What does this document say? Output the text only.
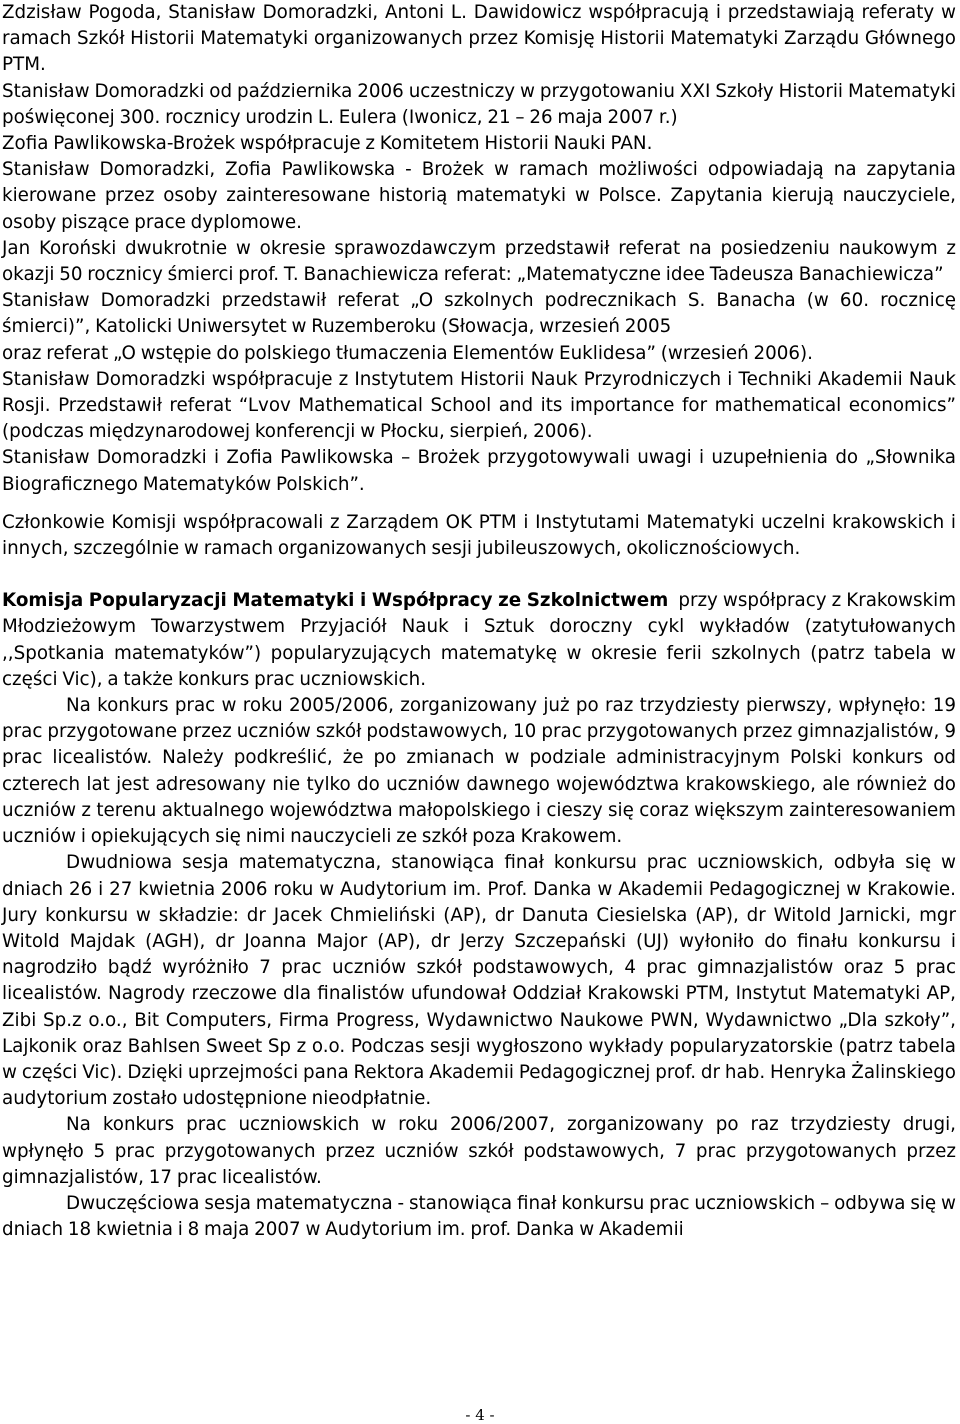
Zdzisław Pogoda, Stanisław Domoradzki, Antoni L. Dawidowicz współpracują i przedstawiają referaty w ramach Szkół Historii Matematyki organizowanych przez Komisję Historii Matematyki Zarządu Głównego PTM.

Stanisław Domoradzki od października 2006 uczestniczy w przygotowaniu XXI Szkoły Historii Matematyki poświęconej 300. rocznicy urodzin L. Eulera (Iwonicz, 21 – 26 maja 2007 r.)

Zofia Pawlikowska-Brożek współpracuje z Komitetem Historii Nauki PAN.

Stanisław Domoradzki, Zofia Pawlikowska - Brożek w ramach możliwości odpowiadają na zapytania kierowane przez osoby zainteresowane historią matematyki w Polsce. Zapytania kierują nauczyciele, osoby piszące prace dyplomowe.

Jan Koroński dwukrotnie w okresie sprawozdawczym przedstawił referat na posiedzeniu naukowym z okazji 50 rocznicy śmierci prof. T. Banachiewicza referat: „Matematyczne idee Tadeusza Banachiewicza”

Stanisław Domoradzki przedstawił referat „O szkolnych podrecznikach S. Banacha (w 60. rocznicę śmierci)”, Katolicki Uniwersytet w Ruzemberoku (Słowacja, wrzesień 2005

oraz referat „O wstępie do polskiego tłumaczenia Elementów Euklidesa” (wrzesień 2006).

Stanisław Domoradzki współpracuje z Instytutem Historii Nauk Przyrodniczych i Techniki Akademii Nauk Rosji. Przedstawił referat “Lvov Mathematical School and its importance for mathematical economics” (podczas międzynarodowej konferencji w Płocku, sierpień, 2006).

Stanisław Domoradzki i Zofia Pawlikowska – Brożek przygotowywali uwagi i uzupełnienia do „Słownika Biograficznego Matematyków Polskich”.

Członkowie Komisji współpracowali z Zarządem OK PTM i Instytutami Matematyki uczelni krakowskich i innych, szczególnie w ramach organizowanych sesji jubileuszowych, okolicznościowych.

Komisja Popularyzacji Matematyki i Współpracy ze Szkolnictwem przy współpracy z Krakowskim Młodzieżowym Towarzystwem Przyjaciół Nauk i Sztuk doroczny cykl wykładów (zatytułowanych ,,Spotkania matematyków”) popularyzujących matematykę w okresie ferii szkolnych (patrz tabela w części Vic), a także konkurs prac uczniowskich.

Na konkurs prac w roku 2005/2006, zorganizowany już po raz trzydziesty pierwszy, wpłynęło: 19 prac przygotowane przez uczniów szkół podstawowych, 10 prac przygotowanych przez gimnazjalistów, 9 prac licealistów. Należy podkreślić, że po zmianach w podziale administracyjnym Polski konkurs od czterech lat jest adresowany nie tylko do uczniów dawnego województwa krakowskiego, ale również do uczniów z terenu aktualnego województwa małopolskiego i cieszy się coraz większym zainteresowaniem uczniów i opiekujących się nimi nauczycieli ze szkół poza Krakowem.

Dwudniowa sesja matematyczna, stanowiąca finał konkursu prac uczniowskich, odbyła się w dniach 26 i 27 kwietnia 2006 roku w Audytorium im. Prof. Danka w Akademii Pedagogicznej w Krakowie. Jury konkursu w składzie: dr Jacek Chmieliński (AP), dr Danuta Ciesielska (AP), dr Witold Jarnicki, mgr Witold Majdak (AGH), dr Joanna Major (AP), dr Jerzy Szczepański (UJ) wyłoniło do finału konkursu i nagrodziło bądź wyróżniło 7 prac uczniów szkół podstawowych, 4 prac gimnazjalistów oraz 5 prac licealistów. Nagrody rzeczowe dla finalistów ufundował Oddział Krakowski PTM, Instytut Matematyki AP, Zibi Sp.z o.o., Bit Computers, Firma Progress, Wydawnictwo Naukowe PWN, Wydawnictwo „Dla szkoły”, Lajkonik oraz Bahlsen Sweet Sp z o.o. Podczas sesji wygłoszono wykłady popularyzatorskie (patrz tabela w części Vic). Dzięki uprzejmości pana Rektora Akademii Pedagogicznej prof. dr hab. Henryka Żalinskiego audytorium zostało udostępnione nieodpłatnie.

Na konkurs prac uczniowskich w roku 2006/2007, zorganizowany po raz trzydziesty drugi, wpłynęło 5 prac przygotowanych przez uczniów szkół podstawowych, 7 prac przygotowanych przez gimnazjalistów, 17 prac licealistów.

Dwuczęściowa sesja matematyczna - stanowiąca finał konkursu prac uczniowskich – odbywa się w dniach 18 kwietnia i 8 maja 2007 w Audytorium im. prof. Danka w Akademii

- 4 -
